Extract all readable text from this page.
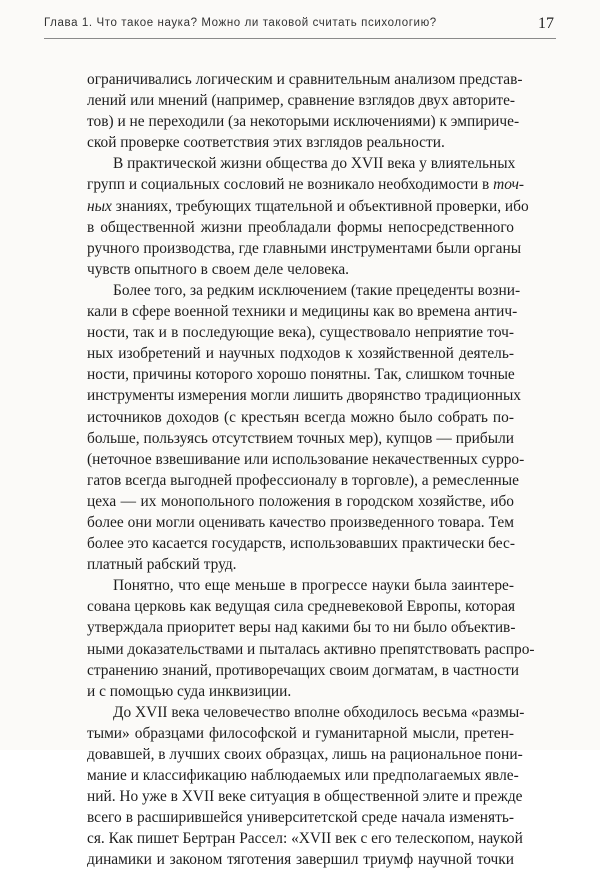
Глава 1. Что такое наука? Можно ли таковой считать психологию?	17
ограничивались логическим и сравнительным анализом представ-
лений или мнений (например, сравнение взглядов двух авторите-
тов) и не переходили (за некоторыми исключениями) к эмпириче-
ской проверке соответствия этих взглядов реальности.
В практической жизни общества до XVII века у влиятельных
групп и социальных сословий не возникало необходимости в точ-
ных знаниях, требующих тщательной и объективной проверки, ибо
в общественной жизни преобладали формы непосредственного
ручного производства, где главными инструментами были органы
чувств опытного в своем деле человека.
Более того, за редким исключением (такие прецеденты возни-
кали в сфере военной техники и медицины как во времена антич-
ности, так и в последующие века), существовало неприятие точ-
ных изобретений и научных подходов к хозяйственной деятель-
ности, причины которого хорошо понятны. Так, слишком точные
инструменты измерения могли лишить дворянство традиционных
источников доходов (с крестьян всегда можно было собрать по-
больше, пользуясь отсутствием точных мер), купцов — прибыли
(неточное взвешивание или использование некачественных сурро-
гатов всегда выгодней профессионалу в торговле), а ремесленные
цеха — их монопольного положения в городском хозяйстве, ибо
более они могли оценивать качество произведенного товара. Тем
более это касается государств, использовавших практически бес-
платный рабский труд.
Понятно, что еще меньше в прогрессе науки была заинтере-
сована церковь как ведущая сила средневековой Европы, которая
утверждала приоритет веры над какими бы то ни было объектив-
ными доказательствами и пыталась активно препятствовать распро-
странению знаний, противоречащих своим догматам, в частности
и с помощью суда инквизиции.
До XVII века человечество вполне обходилось весьма «размы-
тыми» образцами философской и гуманитарной мысли, претен-
довавшей, в лучших своих образцах, лишь на рациональное пони-
мание и классификацию наблюдаемых или предполагаемых явле-
ний. Но уже в XVII веке ситуация в общественной элите и прежде
всего в расширившейся университетской среде начала изменять-
ся. Как пишет Бертран Рассел: «XVII век с его телескопом, наукой
динамики и законом тяготения завершил триумф научной точки
